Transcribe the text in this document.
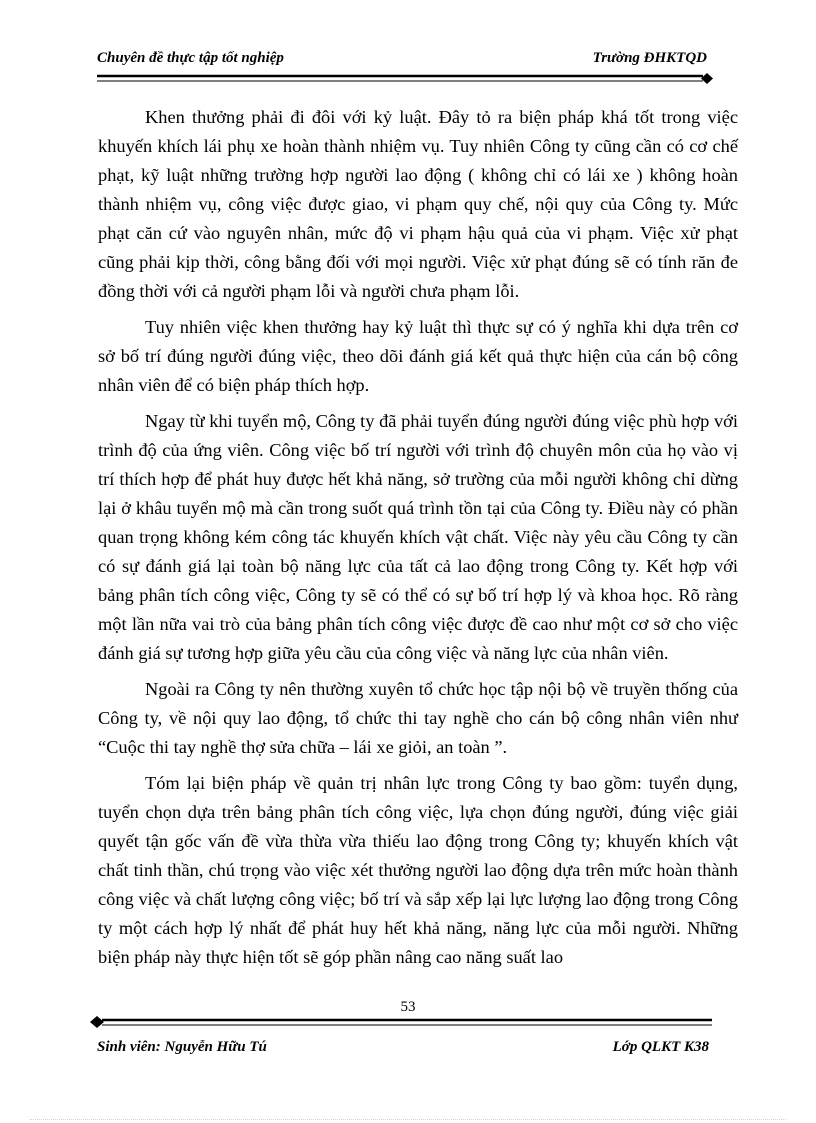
Chuyên đề thực tập tốt nghiệp	Trường ĐHKTQD

Khen thưởng phải đi đôi với kỷ luật. Đây tỏ ra biện pháp khá tốt trong việc khuyến khích lái phụ xe hoàn thành nhiệm vụ. Tuy nhiên Công ty cũng cần có cơ chế phạt, kỹ luật những trường hợp người lao động ( không chỉ có lái xe ) không hoàn thành nhiệm vụ, công việc được giao, vi phạm quy chế, nội quy của Công ty. Mức phạt căn cứ vào nguyên nhân, mức độ vi phạm hậu quả của vi phạm. Việc xử phạt cũng phải kịp thời, công bằng đối với mọi người. Việc xử phạt đúng sẽ có tính răn đe đồng thời với cả người phạm lỗi và người chưa phạm lỗi.

Tuy nhiên việc khen thưởng hay kỷ luật thì thực sự có ý nghĩa khi dựa trên cơ sở bố trí đúng người đúng việc, theo dõi đánh giá kết quả thực hiện của cán bộ công nhân viên để có biện pháp thích hợp.

Ngay từ khi tuyển mộ, Công ty đã phải tuyển đúng người đúng việc phù hợp với trình độ của ứng viên. Công việc bố trí người với trình độ chuyên môn của họ vào vị trí thích hợp để phát huy được hết khả năng, sở trường của mỗi người không chỉ dừng lại ở khâu tuyển mộ mà cần trong suốt quá trình tồn tại của Công ty. Điều này có phần quan trọng không kém công tác khuyến khích vật chất. Việc này yêu cầu Công ty cần có sự đánh giá lại toàn bộ năng lực của tất cả lao động trong Công ty. Kết hợp với bảng phân tích công việc, Công ty sẽ có thể có sự bố trí hợp lý và khoa học. Rõ ràng một lần nữa vai trò của bảng phân tích công việc được đề cao như một cơ sở cho việc đánh giá sự tương hợp giữa yêu cầu của công việc và năng lực của nhân viên.

Ngoài ra Công ty nên thường xuyên tổ chức học tập nội bộ về truyền thống của Công ty, về nội quy lao động, tổ chức thi tay nghề cho cán bộ công nhân viên như “Cuộc thi tay nghề thợ sửa chữa – lái xe giỏi, an toàn ”.

Tóm lại biện pháp về quản trị nhân lực trong Công ty bao gồm: tuyển dụng, tuyển chọn dựa trên bảng phân tích công việc, lựa chọn đúng người, đúng việc giải quyết tận gốc vấn đề vừa thừa vừa thiếu lao động trong Công ty; khuyến khích vật chất tinh thần, chú trọng vào việc xét thưởng người lao động dựa trên mức hoàn thành công việc và chất lượng công việc; bố trí và sắp xếp lại lực lượng lao động trong Công ty một cách hợp lý nhất để phát huy hết khả năng, năng lực của mỗi người. Những biện pháp này thực hiện tốt sẽ góp phần nâng cao năng suất lao

53
Sinh viên: Nguyễn Hữu Tú	Lớp QLKT K38
